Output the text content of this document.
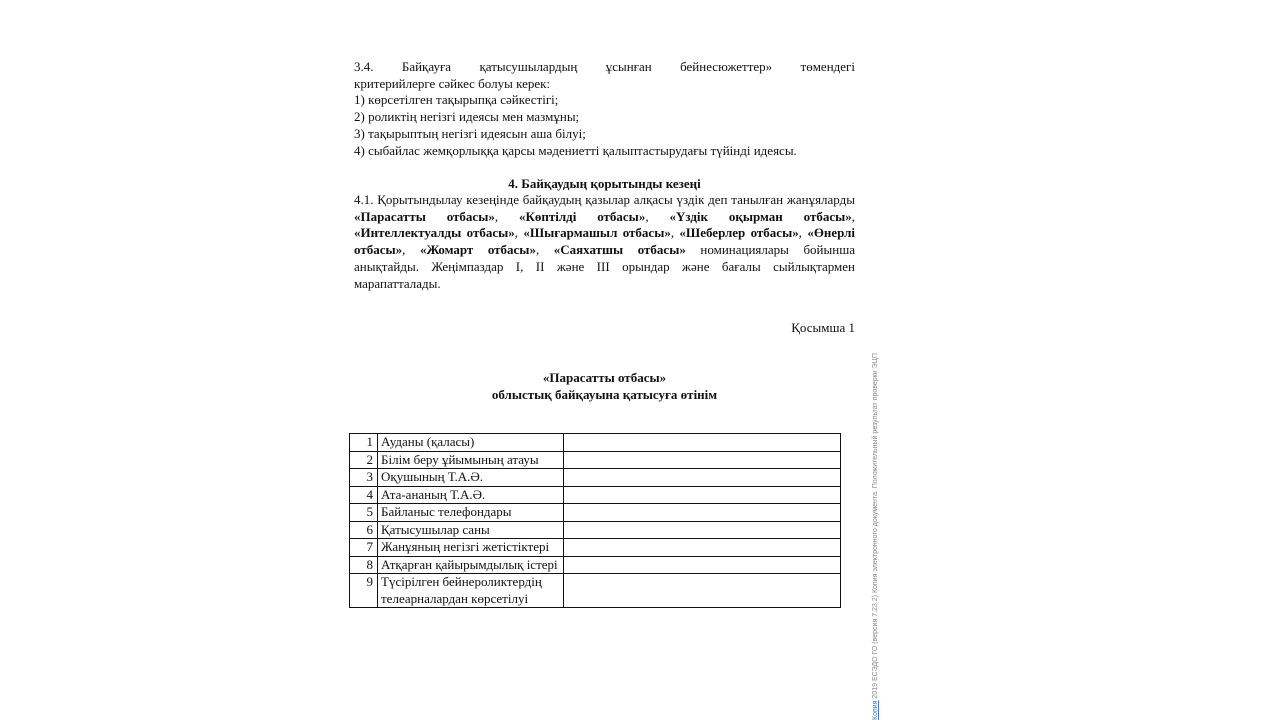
3.4. Байқауға қатысушылардың ұсынған бейнесюжеттер» төмендегі
критерийлерге сәйкес болуы керек:
1) көрсетілген тақырыпқа сәйкестігі;
2) роликтің негізгі идеясы мен мазмұны;
3) тақырыптың негізгі идеясын аша білуі;
4) сыбайлас жемқорлыққа қарсы мәдениетті қалыптастырудағы түйінді идеясы.
4. Байқаудың қорытынды кезеңі
4.1. Қорытындылау кезеңінде байқаудың қазылар алқасы үздік деп танылған жанұяларды «Парасатты отбасы», «Көптілді отбасы», «Үздік оқырман отбасы», «Интеллектуалды отбасы», «Шығармашыл отбасы», «Шеберлер отбасы», «Өнерлі отбасы», «Жомарт отбасы», «Саяхатшы отбасы» номинациялары бойынша анықтайды. Жеңімпаздар І, ІІ және ІІІ орындар және бағалы сыйлықтармен марапатталады.
Қосымша 1
«Парасатты отбасы»
облыстық байқауына қатысуға өтінім
1	Ауданы (қаласы)	
2	Білім беру ұйымының атауы	
3	Оқушының Т.А.Ә.	
4	Ата-ананың Т.А.Ә.	
5	Байланыс телефондары	
6	Қатысушылар саны	
7	Жанұяның негізгі жетістіктері	
8	Атқарған қайырымдылық істері	
9	Түсірілген бейнероликтердің телеарналардан көрсетілуі	
Копия 2019 ЕСЭДО ГО (версия 7.23.2) Копия электронного документа. Положительный результат проверки ЭЦП
